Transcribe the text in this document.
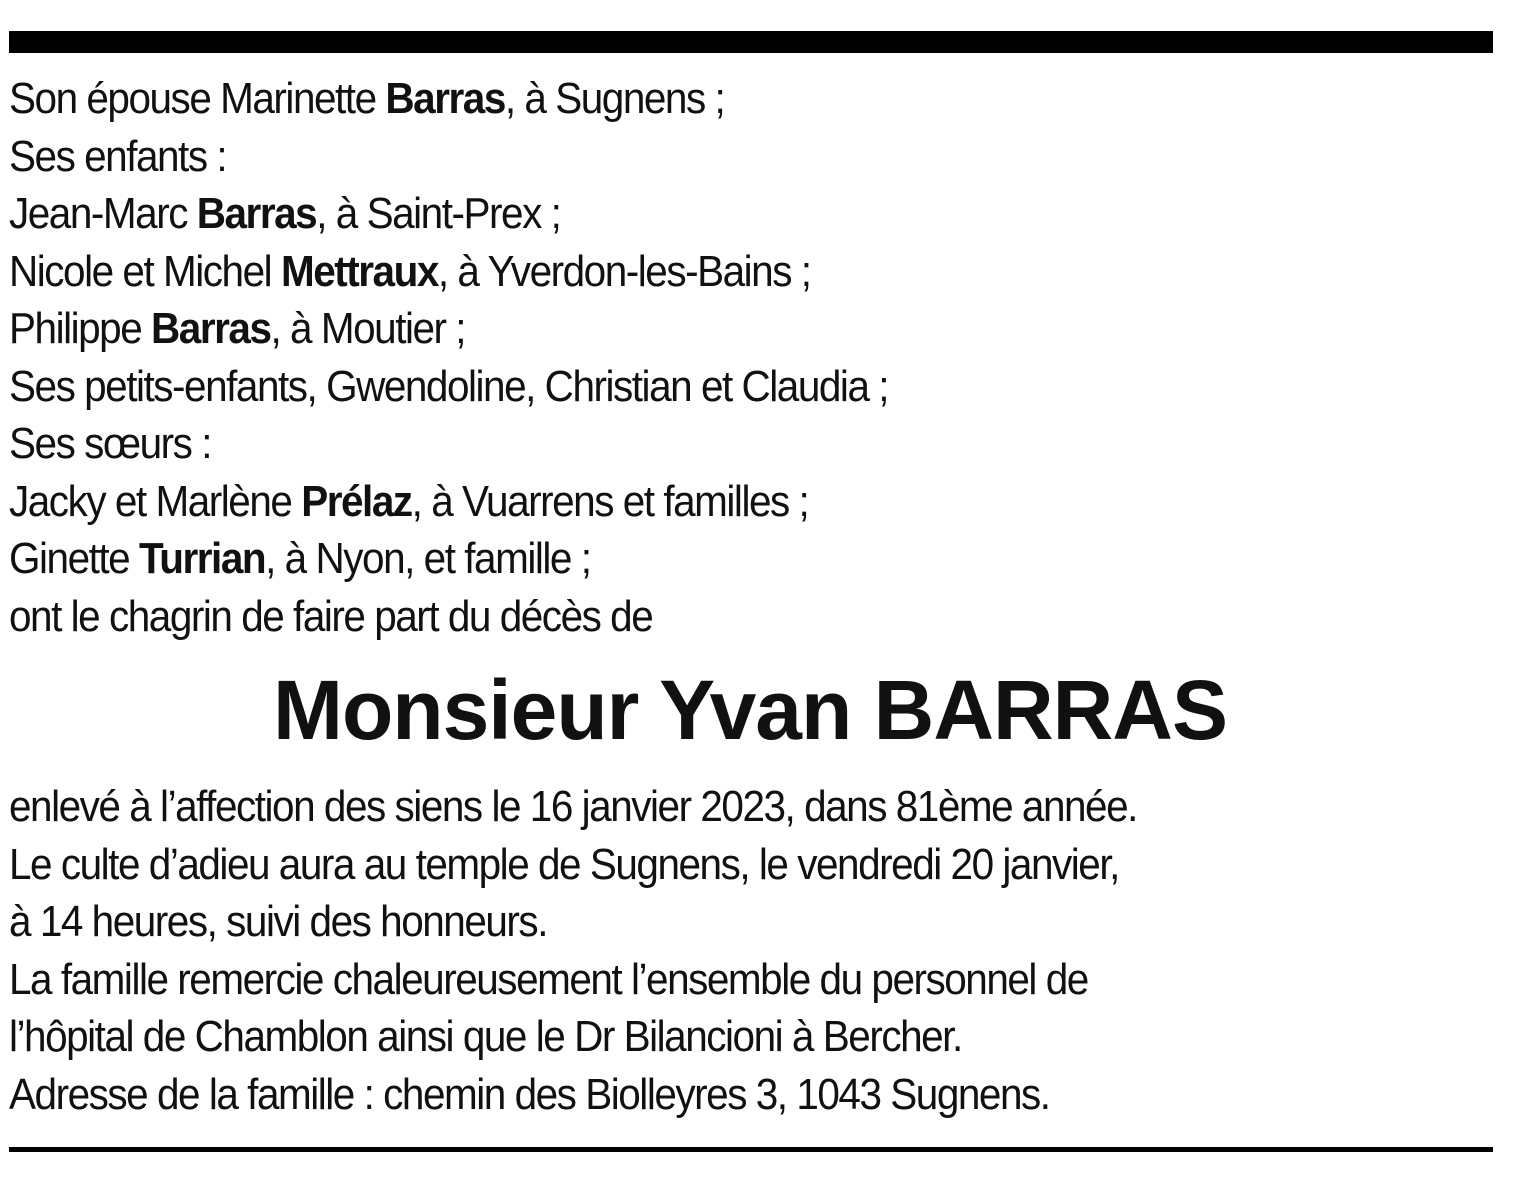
Son épouse Marinette Barras, à Sugnens ;
Ses enfants :
Jean-Marc Barras, à Saint-Prex ;
Nicole et Michel Mettraux, à Yverdon-les-Bains ;
Philippe Barras, à Moutier ;
Ses petits-enfants, Gwendoline, Christian et Claudia ;
Ses sœurs :
Jacky et Marlène Prélaz, à Vuarrens et familles ;
Ginette Turrian, à Nyon, et famille ;
ont le chagrin de faire part du décès de
Monsieur Yvan BARRAS
enlevé à l’affection des siens le 16 janvier 2023, dans 81ème année.
Le culte d’adieu aura au temple de Sugnens, le vendredi 20 janvier,
à 14 heures, suivi des honneurs.
La famille remercie chaleureusement l’ensemble du personnel de
l’hôpital de Chamblon ainsi que le Dr Bilancioni à Bercher.
Adresse de la famille : chemin des Biolleyres 3, 1043 Sugnens.
